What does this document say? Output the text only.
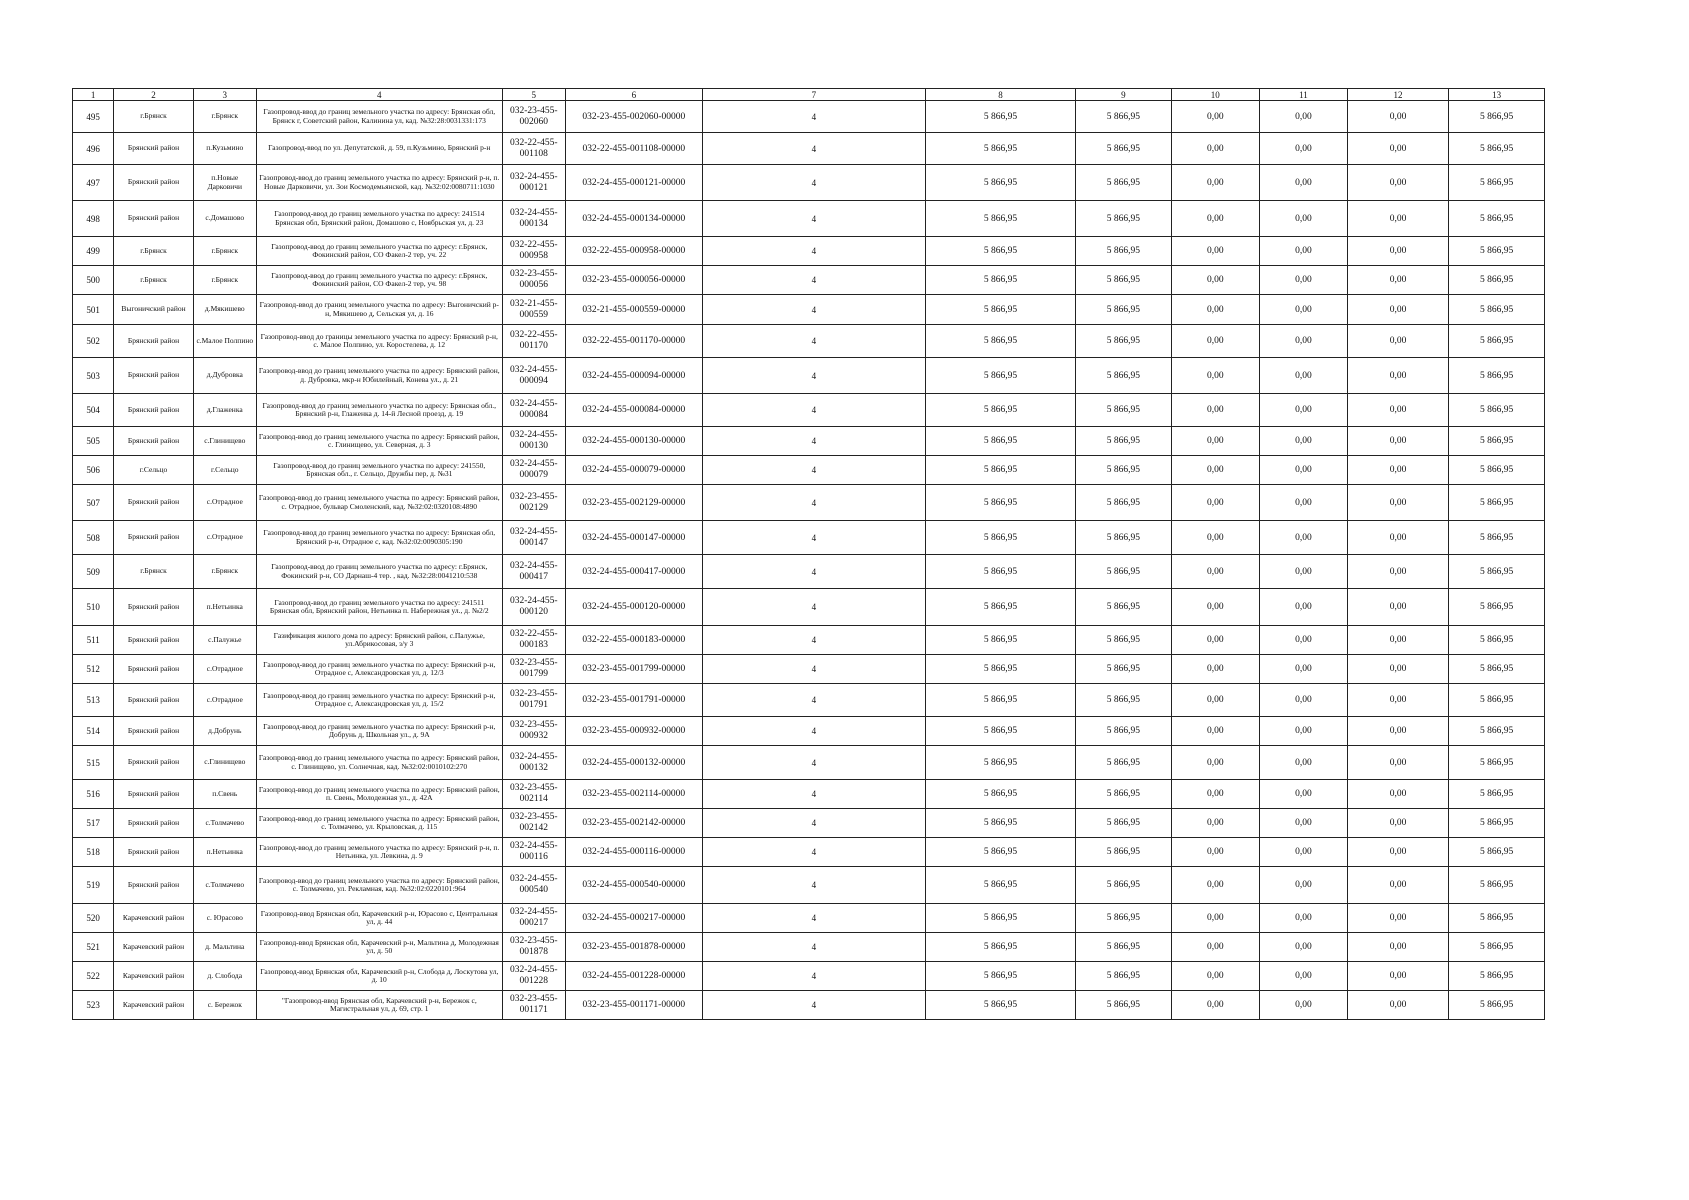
1	2	3	4	5	6	7	8	9	10	11	12	13
495	г.Брянск	г.Брянск	Газопровод-ввод до границ земельного участка по адресу: Брянская обл, Брянск г, Советский район, Калинина ул, кад. №32:28:0031331:173	032-23-455-002060	032-23-455-002060-00000	4	5 866,95	5 866,95	0,00	0,00	0,00	5 866,95
496	Брянский район	п.Кузьмино	Газопровод-ввод по ул. Депутатской, д. 59, п.Кузьмино, Брянский р-н	032-22-455-001108	032-22-455-001108-00000	4	5 866,95	5 866,95	0,00	0,00	0,00	5 866,95
497	Брянский район	п.Новые Дарковичи	Газопровод-ввод до границ земельного участка по адресу: Брянский р-н, п. Новые Дарковичи, ул. Зои Космодемьянской, кад. №32:02:0080711:1030	032-24-455-000121	032-24-455-000121-00000	4	5 866,95	5 866,95	0,00	0,00	0,00	5 866,95
498	Брянский район	с.Домашово	Газопровод-ввод до границ земельного участка по адресу: 241514 Брянская обл, Брянский район, Домашово с, Ноябрьская ул, д. 23	032-24-455-000134	032-24-455-000134-00000	4	5 866,95	5 866,95	0,00	0,00	0,00	5 866,95
499	г.Брянск	г.Брянск	Газопровод-ввод до границ земельного участка по адресу: г.Брянск, Фокинский район, СО Факел-2 тер, уч. 22	032-22-455-000958	032-22-455-000958-00000	4	5 866,95	5 866,95	0,00	0,00	0,00	5 866,95
500	г.Брянск	г.Брянск	Газопровод-ввод до границ земельного участка по адресу: г.Брянск, Фокинский район, СО Факел-2 тер, уч. 98	032-23-455-000056	032-23-455-000056-00000	4	5 866,95	5 866,95	0,00	0,00	0,00	5 866,95
501	Выгоничский район	д.Мякишево	Газопровод-ввод до границ земельного участка по адресу: Выгоничский р-н, Мякишево д, Сельская ул, д. 16	032-21-455-000559	032-21-455-000559-00000	4	5 866,95	5 866,95	0,00	0,00	0,00	5 866,95
502	Брянский район	с.Малое Полпино	Газопровод-ввод до границы земельного участка по адресу: Брянский р-н, с. Малое Полпино, ул. Коростелева, д. 12	032-22-455-001170	032-22-455-001170-00000	4	5 866,95	5 866,95	0,00	0,00	0,00	5 866,95
503	Брянский район	д.Дубровка	Газопровод-ввод до границ земельного участка по адресу: Брянский район, д. Дубровка, мкр-н Юбилейный, Конева ул., д. 21	032-24-455-000094	032-24-455-000094-00000	4	5 866,95	5 866,95	0,00	0,00	0,00	5 866,95
504	Брянский район	д.Глаженка	Газопровод-ввод до границ земельного участка по адресу: Брянская обл., Брянский р-н, Глаженка д. 14-й Лесной проезд, д. 19	032-24-455-000084	032-24-455-000084-00000	4	5 866,95	5 866,95	0,00	0,00	0,00	5 866,95
505	Брянский район	с.Глинищево	Газопровод-ввод до границ земельного участка по адресу: Брянский район, с. Глинищево, ул. Северная, д. 3	032-24-455-000130	032-24-455-000130-00000	4	5 866,95	5 866,95	0,00	0,00	0,00	5 866,95
506	г.Сельцо	г.Сельцо	Газопровод-ввод до границ земельного участка по адресу: 241550, Брянская обл., г. Сельцо, Дружбы пер, д. №31	032-24-455-000079	032-24-455-000079-00000	4	5 866,95	5 866,95	0,00	0,00	0,00	5 866,95
507	Брянский район	с.Отрадное	Газопровод-ввод до границ земельного участка по адресу: Брянский район, с. Отрадное, бульвар Смоленский, кад. №32:02:0320108:4890	032-23-455-002129	032-23-455-002129-00000	4	5 866,95	5 866,95	0,00	0,00	0,00	5 866,95
508	Брянский район	с.Отрадное	Газопровод-ввод до границ земельного участка по адресу: Брянская обл, Брянский р-н, Отрадное с, кад. №32:02:0090305:190	032-24-455-000147	032-24-455-000147-00000	4	5 866,95	5 866,95	0,00	0,00	0,00	5 866,95
509	г.Брянск	г.Брянск	Газопровод-ввод до границ земельного участка по адресу: г.Брянск, Фокинский р-н, СО Дарнаш-4 тер. , кад. №32:28:0041210:538	032-24-455-000417	032-24-455-000417-00000	4	5 866,95	5 866,95	0,00	0,00	0,00	5 866,95
510	Брянский район	п.Нетьинка	Газопровод-ввод до границ земельного участка по адресу: 241511 Брянская обл, Брянский район, Нетьинка п. Набережная ул., д. №2/2	032-24-455-000120	032-24-455-000120-00000	4	5 866,95	5 866,95	0,00	0,00	0,00	5 866,95
511	Брянский район	с.Палужье	Газификация жилого дома по адресу: Брянский район, с.Палужье, ул.Абрикосовая, з/у 3	032-22-455-000183	032-22-455-000183-00000	4	5 866,95	5 866,95	0,00	0,00	0,00	5 866,95
512	Брянский район	с.Отрадное	Газопровод-ввод до границ земельного участка по адресу: Брянский р-н, Отрадное с, Александровская ул, д. 12/3	032-23-455-001799	032-23-455-001799-00000	4	5 866,95	5 866,95	0,00	0,00	0,00	5 866,95
513	Брянский район	с.Отрадное	Газопровод-ввод до границ земельного участка по адресу: Брянский р-н, Отрадное с, Александровская ул, д. 15/2	032-23-455-001791	032-23-455-001791-00000	4	5 866,95	5 866,95	0,00	0,00	0,00	5 866,95
514	Брянский район	д.Добрунь	Газопровод-ввод до границ земельного участка по адресу: Брянский р-н, Добрунь д, Школьная ул., д. 9А	032-23-455-000932	032-23-455-000932-00000	4	5 866,95	5 866,95	0,00	0,00	0,00	5 866,95
515	Брянский район	с.Глинищево	Газопровод-ввод до границ земельного участка по адресу: Брянский район, с. Глинищево, ул. Солнечная, кад. №32:02:0010102:270	032-24-455-000132	032-24-455-000132-00000	4	5 866,95	5 866,95	0,00	0,00	0,00	5 866,95
516	Брянский район	п.Свень	Газопровод-ввод до границ земельного участка по адресу: Брянский район, п. Свень, Молодежная ул., д. 42А	032-23-455-002114	032-23-455-002114-00000	4	5 866,95	5 866,95	0,00	0,00	0,00	5 866,95
517	Брянский район	с.Толмачево	Газопровод-ввод до границ земельного участка по адресу: Брянский район, с. Толмачево, ул. Крыловская, д. 115	032-23-455-002142	032-23-455-002142-00000	4	5 866,95	5 866,95	0,00	0,00	0,00	5 866,95
518	Брянский район	п.Нетьинка	Газопровод-ввод до границ земельного участка по адресу: Брянский р-н, п. Нетьинка, ул. Левкина, д. 9	032-24-455-000116	032-24-455-000116-00000	4	5 866,95	5 866,95	0,00	0,00	0,00	5 866,95
519	Брянский район	с.Толмачево	Газопровод-ввод до границ земельного участка по адресу: Брянский район, с. Толмачево, ул. Рекламная, кад. №32:02:0220101:964	032-24-455-000540	032-24-455-000540-00000	4	5 866,95	5 866,95	0,00	0,00	0,00	5 866,95
520	Карачевский район	с. Юрасово	Газопровод-ввод Брянская обл, Карачевский р-н, Юрасово с, Центральная ул, д. 44	032-24-455-000217	032-24-455-000217-00000	4	5 866,95	5 866,95	0,00	0,00	0,00	5 866,95
521	Карачевский район	д. Мальтина	Газопровод-ввод Брянская обл, Карачевский р-н, Мальтина д, Молодежная ул, д. 50	032-23-455-001878	032-23-455-001878-00000	4	5 866,95	5 866,95	0,00	0,00	0,00	5 866,95
522	Карачевский район	д. Слобода	Газопровод-ввод Брянская обл, Карачевский р-н, Слобода д, Лоскутова ул, д. 10	032-24-455-001228	032-24-455-001228-00000	4	5 866,95	5 866,95	0,00	0,00	0,00	5 866,95
523	Карачевский район	с. Бережок	"Газопровод-ввод Брянская обл, Карачевский р-н, Бережок с, Магистральная ул, д. 69, стр. 1	032-23-455-001171	032-23-455-001171-00000	4	5 866,95	5 866,95	0,00	0,00	0,00	5 866,95
